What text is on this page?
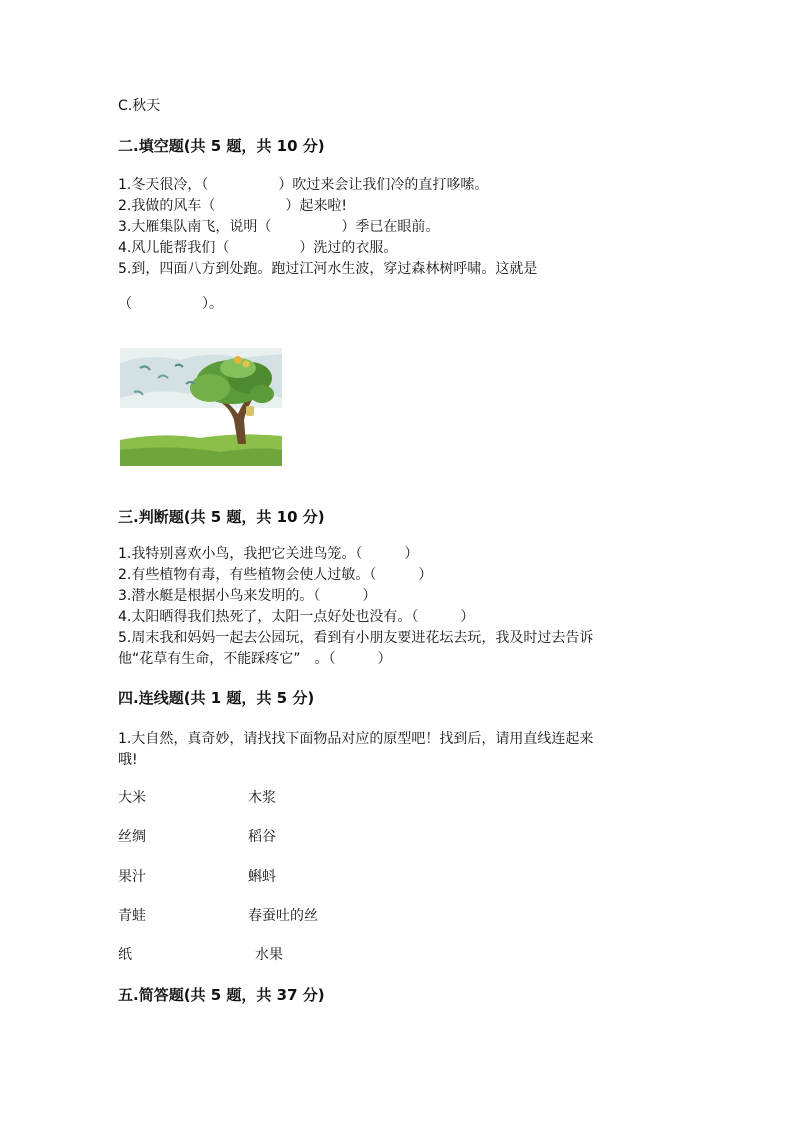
C.秋天
二.填空题(共 5 题，共 10 分)
1.冬天很冷，（　　　　　）吹过来会让我们冷的直打哆嗦。
2.我做的风车（　　　　　）起来啦!
3.大雁集队南飞，说明（　　　　　）季已在眼前。
4.风儿能帮我们（　　　　　）洗过的衣服。
5.到，四面八方到处跑。跑过江河水生波，穿过森林树呼啸。这就是
（　　　　　）。
三.判断题(共 5 题，共 10 分)
1.我特别喜欢小鸟，我把它关进鸟笼。（　　　）
2.有些植物有毒，有些植物会使人过敏。（　　　）
3.潜水艇是根据小鸟来发明的。（　　　）
4.太阳晒得我们热死了，太阳一点好处也没有。（　　　）
5.周末我和妈妈一起去公园玩，看到有小朋友要进花坛去玩，我及时过去告诉
他“花草有生命，不能踩疼它”　。（　　　）
四.连线题(共 1 题，共 5 分)
1.大自然，真奇妙，请找找下面物品对应的原型吧！找到后，请用直线连起来
哦!
大米	木浆
丝绸	稻谷
果汁	蝌蚪
青蛙	春蚕吐的丝
纸	水果
五.简答题(共 5 题，共 37 分)
